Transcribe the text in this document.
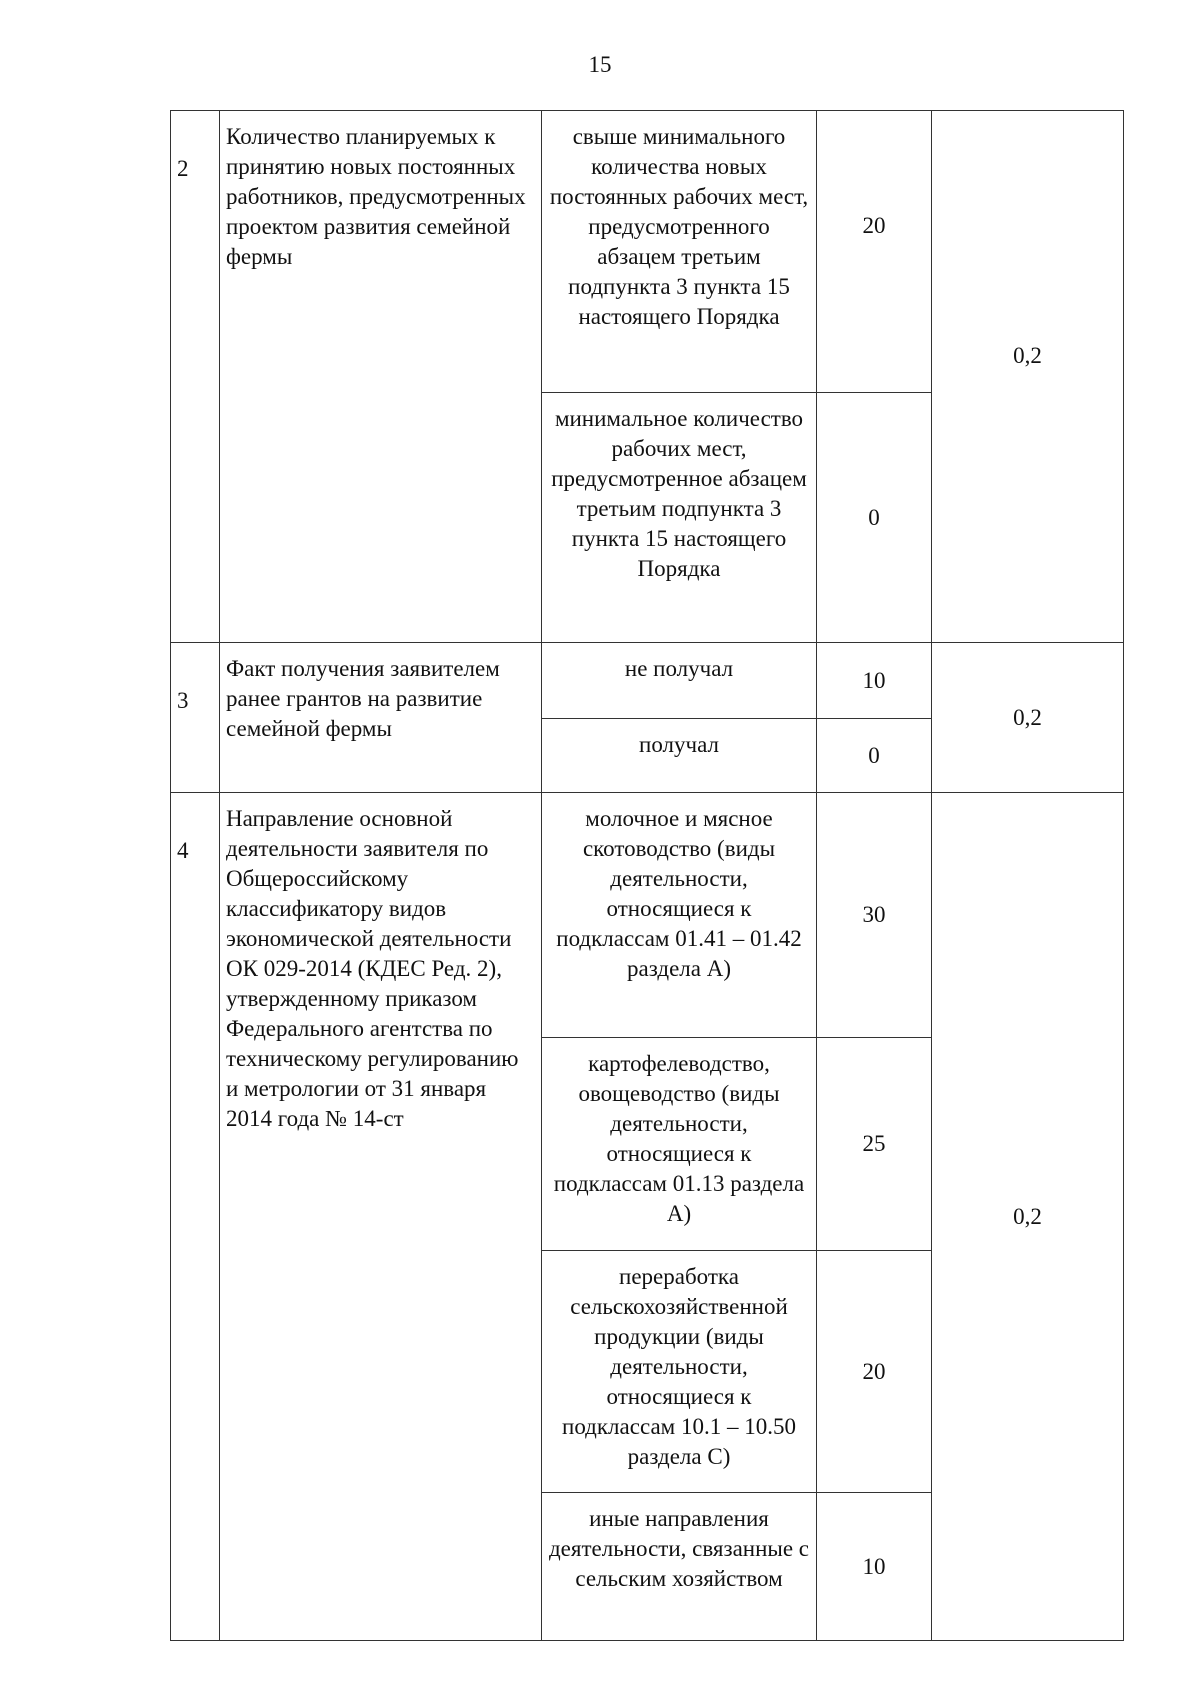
15
2	Количество планируемых к принятию новых постоянных работников, предусмотренных проектом развития семейной фермы	свыше минимального количества новых постоянных рабочих мест, предусмотренного абзацем третьим подпункта 3 пункта 15 настоящего Порядка	20	0,2
		минимальное количество рабочих мест, предусмотренное абзацем третьим подпункта 3 пункта 15 настоящего Порядка	0	

3	Факт получения заявителем ранее грантов на развитие семейной фермы	не получал	10	0,2
		получал	0	

4	Направление основной деятельности заявителя по Общероссийскому классификатору видов экономической деятельности ОК 029-2014 (КДЕС Ред. 2), утвержденному приказом Федерального агентства по техническому регулированию и метрологии от 31 января 2014 года № 14-ст	молочное и мясное скотоводство (виды деятельности, относящиеся к подклассам 01.41 – 01.42 раздела А)	30	0,2
		картофелеводство, овощеводство (виды деятельности, относящиеся к подклассам 01.13 раздела А)	25	
		переработка сельскохозяйственной продукции (виды деятельности, относящиеся к подклассам 10.1 – 10.50 раздела С)	20	
		иные направления деятельности, связанные с сельским хозяйством	10	
